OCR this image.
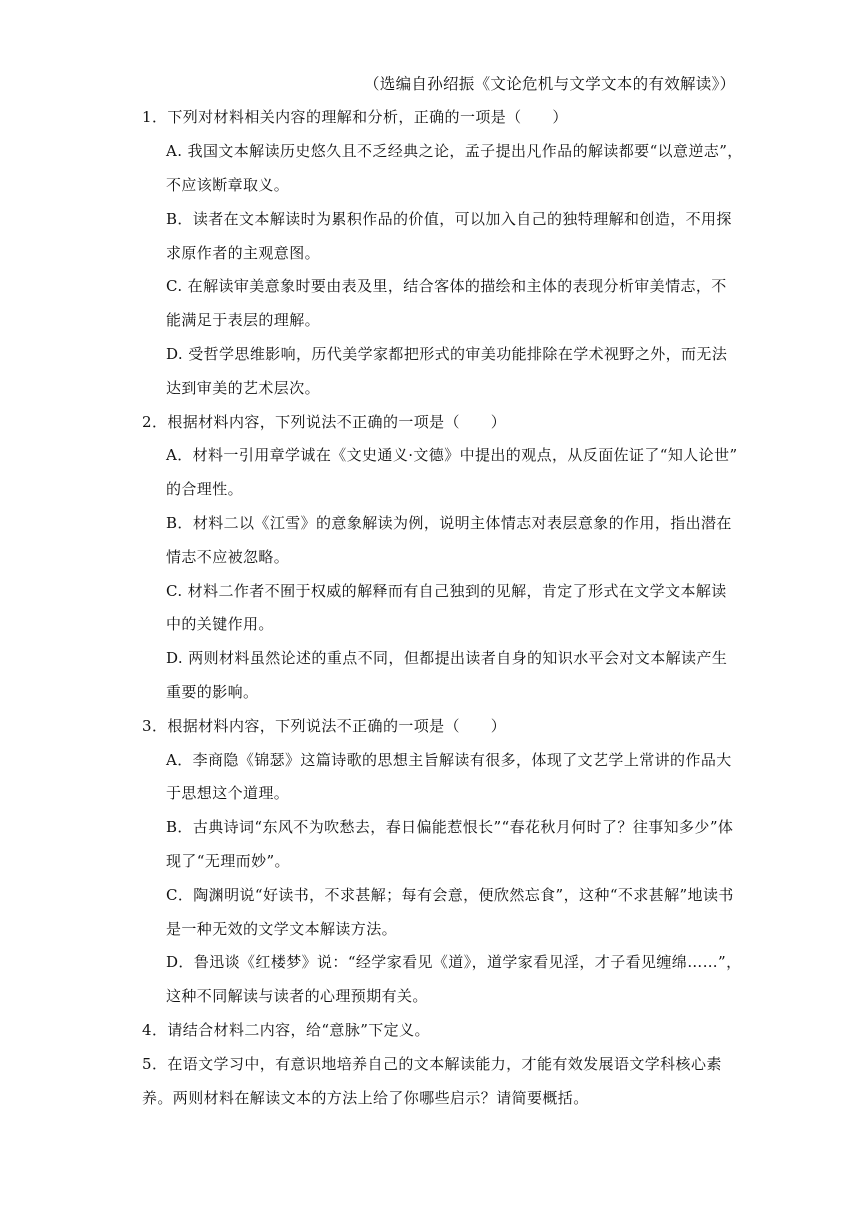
（选编自孙绍振《文论危机与文学文本的有效解读》）
1．下列对材料相关内容的理解和分析，正确的一项是（　　）
A. 我国文本解读历史悠久且不乏经典之论，孟子提出凡作品的解读都要“以意逆志”，
不应该断章取义。
B．读者在文本解读时为累积作品的价值，可以加入自己的独特理解和创造，不用探
求原作者的主观意图。
C. 在解读审美意象时要由表及里，结合客体的描绘和主体的表现分析审美情志，不
能满足于表层的理解。
D. 受哲学思维影响，历代美学家都把形式的审美功能排除在学术视野之外，而无法
达到审美的艺术层次。
2．根据材料内容，下列说法不正确的一项是（　　）
A．材料一引用章学诚在《文史通义·文德》中提出的观点，从反面佐证了“知人论世”
的合理性。
B．材料二以《江雪》的意象解读为例，说明主体情志对表层意象的作用，指出潜在
情志不应被忽略。
C. 材料二作者不囿于权威的解释而有自己独到的见解，肯定了形式在文学文本解读
中的关键作用。
D. 两则材料虽然论述的重点不同，但都提出读者自身的知识水平会对文本解读产生
重要的影响。
3．根据材料内容，下列说法不正确的一项是（　　）
A．李商隐《锦瑟》这篇诗歌的思想主旨解读有很多，体现了文艺学上常讲的作品大
于思想这个道理。
B．古典诗词“东风不为吹愁去，春日偏能惹恨长”“春花秋月何时了？往事知多少”体
现了“无理而妙”。
C．陶渊明说“好读书，不求甚解；每有会意，便欣然忘食”，这种“不求甚解”地读书
是一种无效的文学文本解读方法。
D．鲁迅谈《红楼梦》说：“经学家看见《道》，道学家看见淫，才子看见缠绵……”，
这种不同解读与读者的心理预期有关。
4．请结合材料二内容，给“意脉”下定义。
5．在语文学习中，有意识地培养自己的文本解读能力，才能有效发展语文学科核心素
养。两则材料在解读文本的方法上给了你哪些启示？请简要概括。
